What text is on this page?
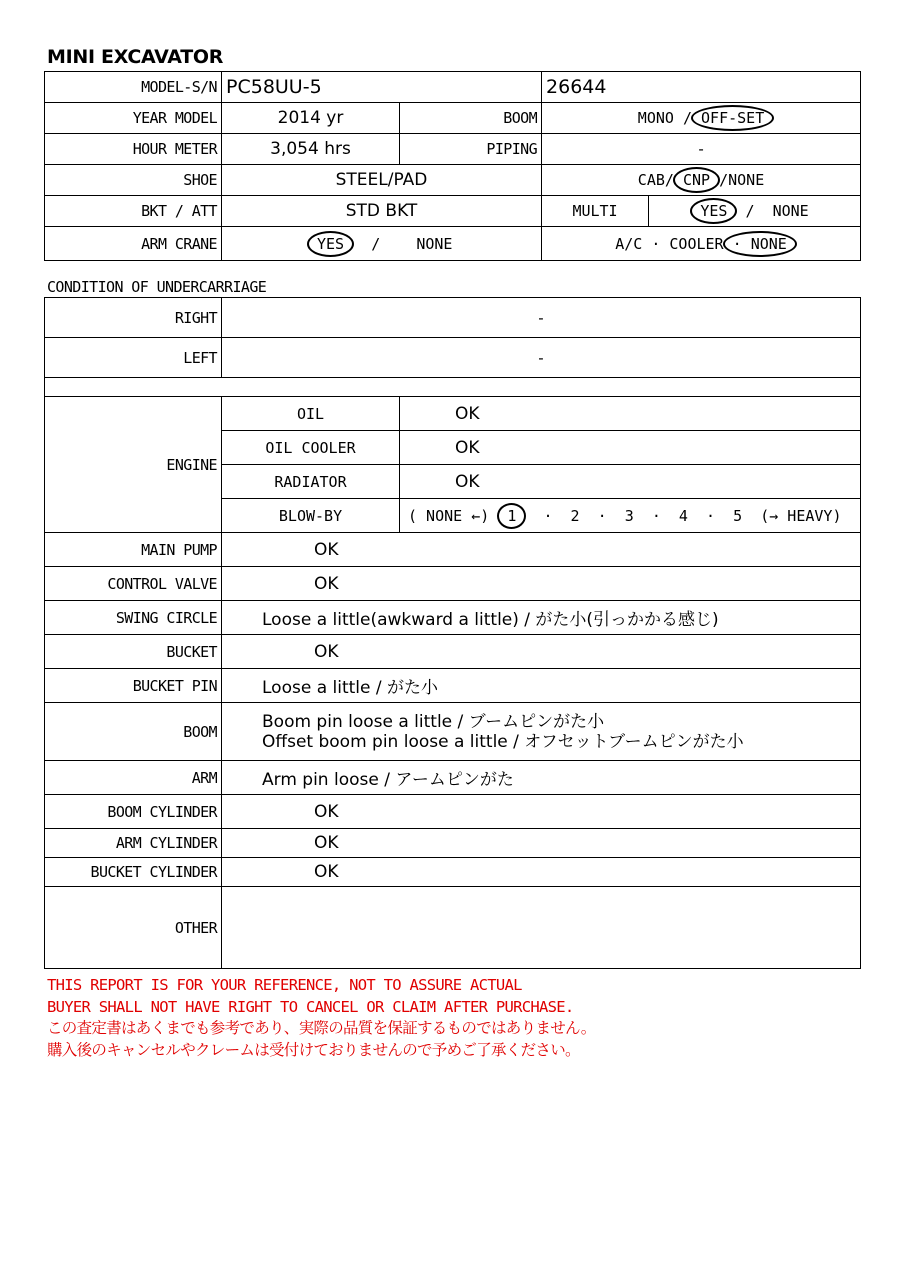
MINI EXCAVATOR
MODEL-S/N	PC58UU-5		26644	
YEAR MODEL	2014 yr	BOOM	MONO / OFF-SET	
HOUR METER	3,054 hrs	PIPING	-	
SHOE	STEEL/PAD		CAB/ CNP /NONE	
BKT / ATT	STD BKT		MULTI	YES / NONE
ARM CRANE	YES / NONE		A/C · COOLER · NONE	
CONDITION OF UNDERCARRIAGE
RIGHT	-	
LEFT	-	

ENGINE	OIL	OK
	OIL COOLER	OK
	RADIATOR	OK
	BLOW-BY	( NONE ←) 1 ·  2  ·  3  ·  4  ·  5  (→ HEAVY)
MAIN PUMP	OK	
CONTROL VALVE	OK	
SWING CIRCLE	Loose a little(awkward a little) / がた小(引っかかる感じ)	
BUCKET	OK	
BUCKET PIN	Loose a little / がた小	
BOOM	Boom pin loose a little / ブームピンがた小
Offset boom pin loose a little / オフセットブームピンがた小	

ARM	Arm pin loose / アームピンがた	
BOOM CYLINDER	OK	
ARM CYLINDER	OK	
BUCKET CYLINDER	OK	
OTHER		
THIS REPORT IS FOR YOUR REFERENCE, NOT TO ASSURE ACTUAL
BUYER SHALL NOT HAVE RIGHT TO CANCEL OR CLAIM AFTER PURCHASE.
この査定書はあくまでも参考であり、実際の品質を保証するものではありません。
購入後のキャンセルやクレームは受付けておりませんので予めご了承ください。
